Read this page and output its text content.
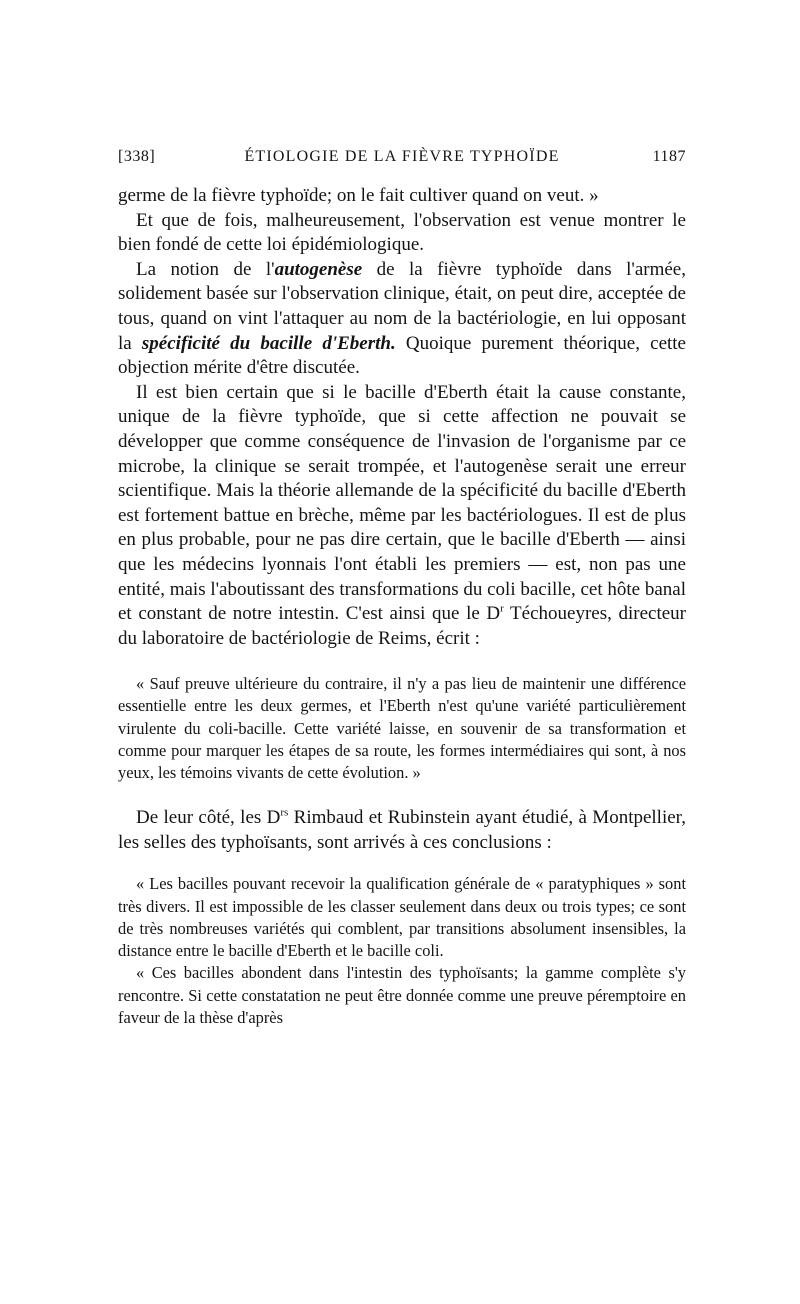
[338]	ÉTIOLOGIE DE LA FIÈVRE TYPHOÏDE	1187

germe de la fièvre typhoïde; on le fait cultiver quand on veut. »

Et que de fois, malheureusement, l'observation est venue montrer le bien fondé de cette loi épidémiologique.

La notion de l'autogenèse de la fièvre typhoïde dans l'armée, solidement basée sur l'observation clinique, était, on peut dire, acceptée de tous, quand on vint l'attaquer au nom de la bactériologie, en lui opposant la spécificité du bacille d'Eberth. Quoique purement théorique, cette objection mérite d'être discutée.

Il est bien certain que si le bacille d'Eberth était la cause constante, unique de la fièvre typhoïde, que si cette affection ne pouvait se développer que comme conséquence de l'invasion de l'organisme par ce microbe, la clinique se serait trompée, et l'autogenèse serait une erreur scientifique. Mais la théorie allemande de la spécificité du bacille d'Eberth est fortement battue en brèche, même par les bactériologues. Il est de plus en plus probable, pour ne pas dire certain, que le bacille d'Eberth — ainsi que les médecins lyonnais l'ont établi les premiers — est, non pas une entité, mais l'aboutissant des transformations du coli bacille, cet hôte banal et constant de notre intestin. C'est ainsi que le $D^r$ Téchoueyres, directeur du laboratoire de bactériologie de Reims, écrit :

« Sauf preuve ultérieure du contraire, il n'y a pas lieu de maintenir une différence essentielle entre les deux germes, et l'Eberth n'est qu'une variété particulièrement virulente du coli-bacille. Cette variété laisse, en souvenir de sa transformation et comme pour marquer les étapes de sa route, les formes intermédiaires qui sont, à nos yeux, les témoins vivants de cette évolution. »

De leur côté, les $D^{rs}$ Rimbaud et Rubinstein ayant étudié, à Montpellier, les selles des typhoïsants, sont arrivés à ces conclusions :

« Les bacilles pouvant recevoir la qualification générale de « paratyphiques » sont très divers. Il est impossible de les classer seulement dans deux ou trois types; ce sont de très nombreuses variétés qui comblent, par transitions absolument insensibles, la distance entre le bacille d'Eberth et le bacille coli.

« Ces bacilles abondent dans l'intestin des typhoïsants; la gamme complète s'y rencontre. Si cette constatation ne peut être donnée comme une preuve péremptoire en faveur de la thèse d'après
